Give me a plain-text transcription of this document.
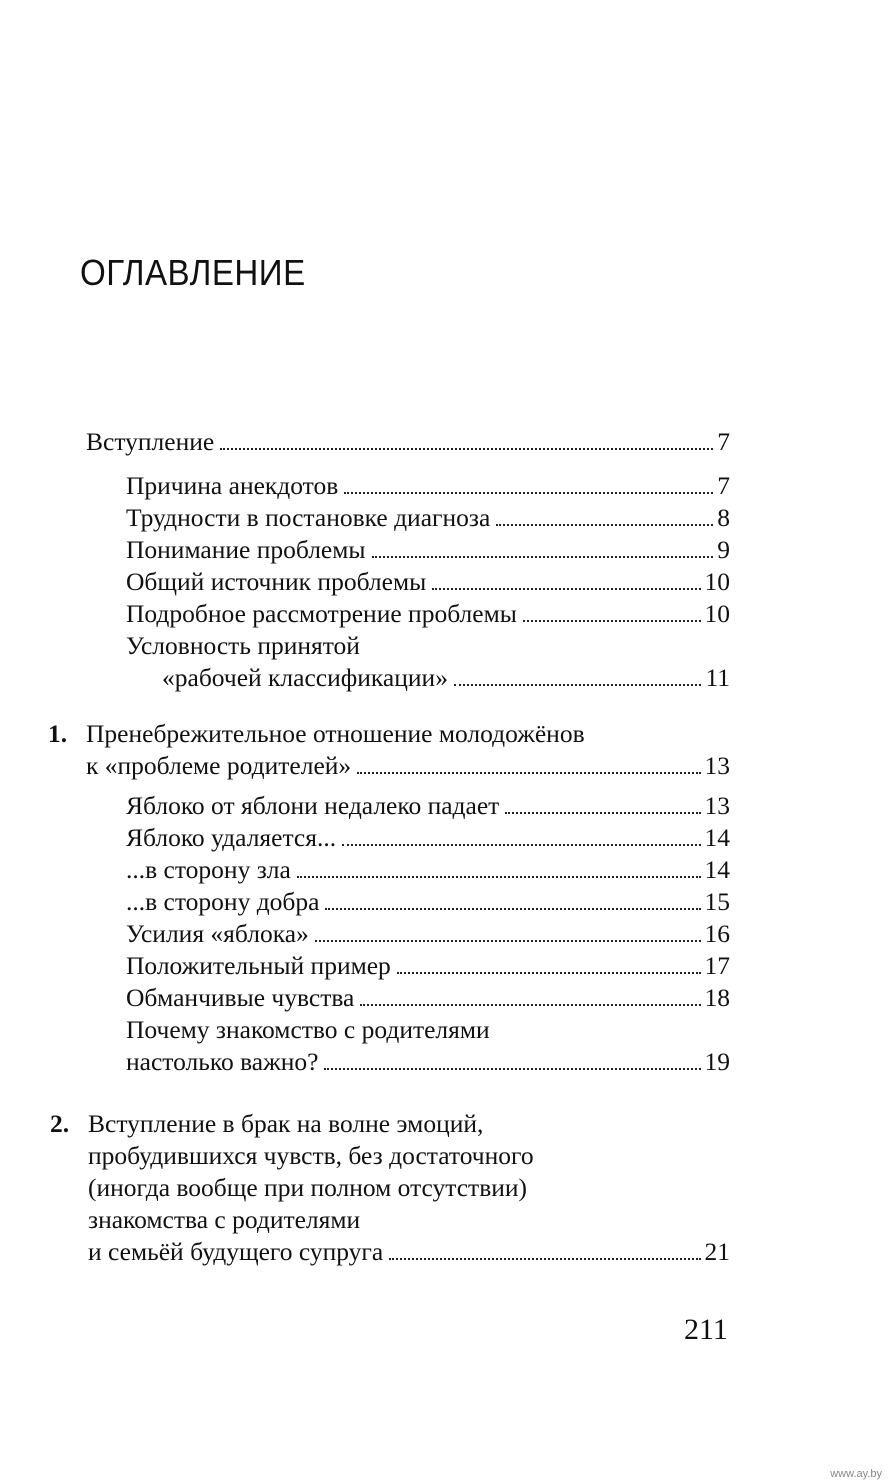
ОГЛАВЛЕНИЕ
Вступление	7
Причина анекдотов	7
Трудности в постановке диагноза	8
Понимание проблемы	9
Общий источник проблемы	10
Подробное рассмотрение проблемы	10
Условность принятой
«рабочей классификации»	11
1. Пренебрежительное отношение молодожёнов
к «проблеме родителей»	13
Яблоко от яблони недалеко падает	13
Яблоко удаляется...	14
...в сторону зла	14
...в сторону добра	15
Усилия «яблока»	16
Положительный пример	17
Обманчивые чувства	18
Почему знакомство с родителями
настолько важно?	19
2. Вступление в брак на волне эмоций,
пробудившихся чувств, без достаточного
(иногда вообще при полном отсутствии)
знакомства с родителями
и семьёй будущего супруга	21
211
www.ay.by
